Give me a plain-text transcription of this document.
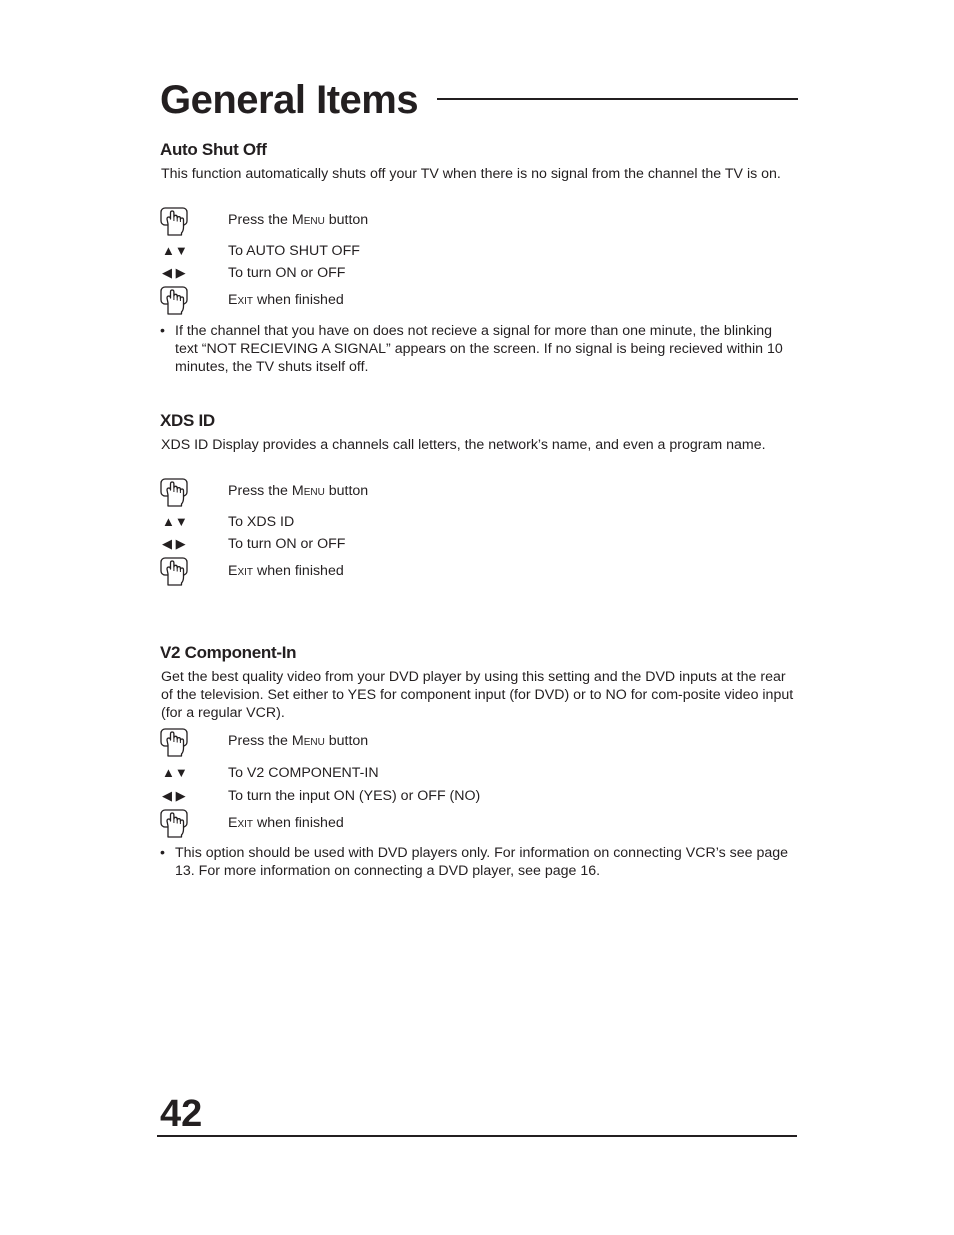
General Items
Auto Shut Off

This function automatically shuts off your TV when there is no signal from the channel the TV is on.

Press the Menu button
▲▼	To AUTO SHUT OFF
◀ ▶	To turn ON or OFF
Exit when finished
• If the channel that you have on does not recieve a signal for more than one minute, the blinking text “NOT RECIEVING A SIGNAL” appears on the screen. If no signal is being recieved within 10 minutes, the TV shuts itself off.
XDS ID

XDS ID Display provides a channels call letters, the network’s name, and even a program name.

Press the Menu button
▲▼	To XDS ID
◀ ▶	To turn ON or OFF
Exit when finished
V2 Component-In

Get the best quality video from your DVD player by using this setting and the DVD inputs at the rear of the television. Set either to YES for component input (for DVD) or to NO for com-posite video input (for a regular VCR).

Press the Menu button
▲▼	To V2 COMPONENT-IN
◀ ▶	To turn the input ON (YES) or OFF (NO)
Exit when finished
• This option should be used with DVD players only. For information on connecting VCR’s see page 13. For more information on connecting a DVD player, see page 16.
42
